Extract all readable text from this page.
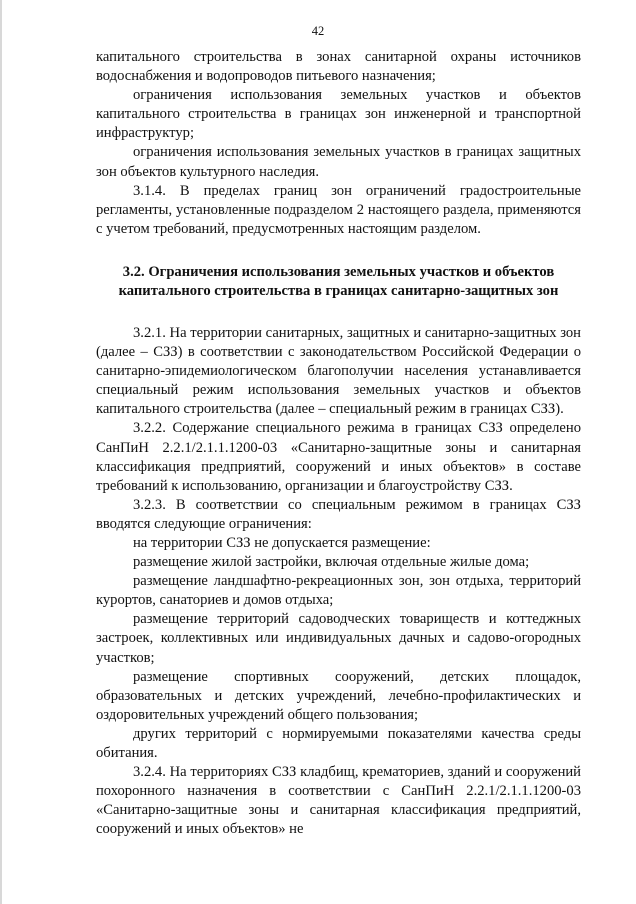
42

капитального строительства в зонах санитарной охраны источников водоснабжения и водопроводов питьевого назначения;

ограничения использования земельных участков и объектов капитального строительства в границах зон инженерной и транспортной инфраструктур;

ограничения использования земельных участков в границах защитных зон объектов культурного наследия.

3.1.4. В пределах границ зон ограничений градостроительные регламенты, установленные подразделом 2 настоящего раздела, применяются с учетом требований, предусмотренных настоящим разделом.

3.2. Ограничения использования земельных участков и объектов
капитального строительства в границах санитарно-защитных зон

3.2.1. На территории санитарных, защитных и санитарно-защитных зон (далее – СЗЗ) в соответствии с законодательством Российской Федерации о санитарно-эпидемиологическом благополучии населения устанавливается специальный режим использования земельных участков и объектов капитального строительства (далее – специальный режим в границах СЗЗ).

3.2.2. Содержание специального режима в границах СЗЗ определено СанПиН 2.2.1/2.1.1.1200-03 «Санитарно-защитные зоны и санитарная классификация предприятий, сооружений и иных объектов» в составе требований к использованию, организации и благоустройству СЗЗ.

3.2.3. В соответствии со специальным режимом в границах СЗЗ вводятся следующие ограничения:

на территории СЗЗ не допускается размещение:

размещение жилой застройки, включая отдельные жилые дома;

размещение ландшафтно-рекреационных зон, зон отдыха, территорий курортов, санаториев и домов отдыха;

размещение территорий садоводческих товариществ и коттеджных застроек, коллективных или индивидуальных дачных и садово-огородных участков;

размещение спортивных сооружений, детских площадок, образовательных и детских учреждений, лечебно-профилактических и оздоровительных учреждений общего пользования;

других территорий с нормируемыми показателями качества среды обитания.

3.2.4. На территориях СЗЗ кладбищ, крематориев, зданий и сооружений похоронного назначения в соответствии с СанПиН 2.2.1/2.1.1.1200-03 «Санитарно-защитные зоны и санитарная классификация предприятий, сооружений и иных объектов» не
